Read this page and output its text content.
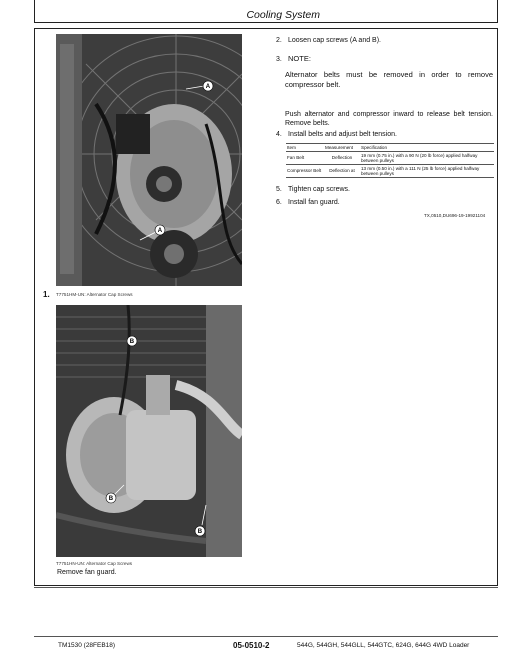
Cooling System
A
A
1. T7751HM-UN: Alternator Cap Screws
B
B
B
T7751HN-UN: Alternator Cap Screws
Remove fan guard.
2. Loosen cap screws (A and B).
3. NOTE:
Alternator belts must be removed in order to remove compressor belt.
Push alternator and compressor inward to release belt tension. Remove belts.
4. Install belts and adjust belt tension.
Item	Measurement	Specification
Fan Belt	Deflection	19 mm (0.75 in.) with a 90 N (20 lb force) applied halfway between pulleys
Compressor Belt	Deflection at	13 mm (0.50 in.) with a 111 N (25 lb force) applied halfway between pulleys
5. Tighten cap screws.
6. Install fan guard.
TX,0510,DU696-19-19921104
TM1530 (28FEB18)	05-0510-2	544G, 544GH, 544GLL, 544GTC, 624G, 644G 4WD Loader
